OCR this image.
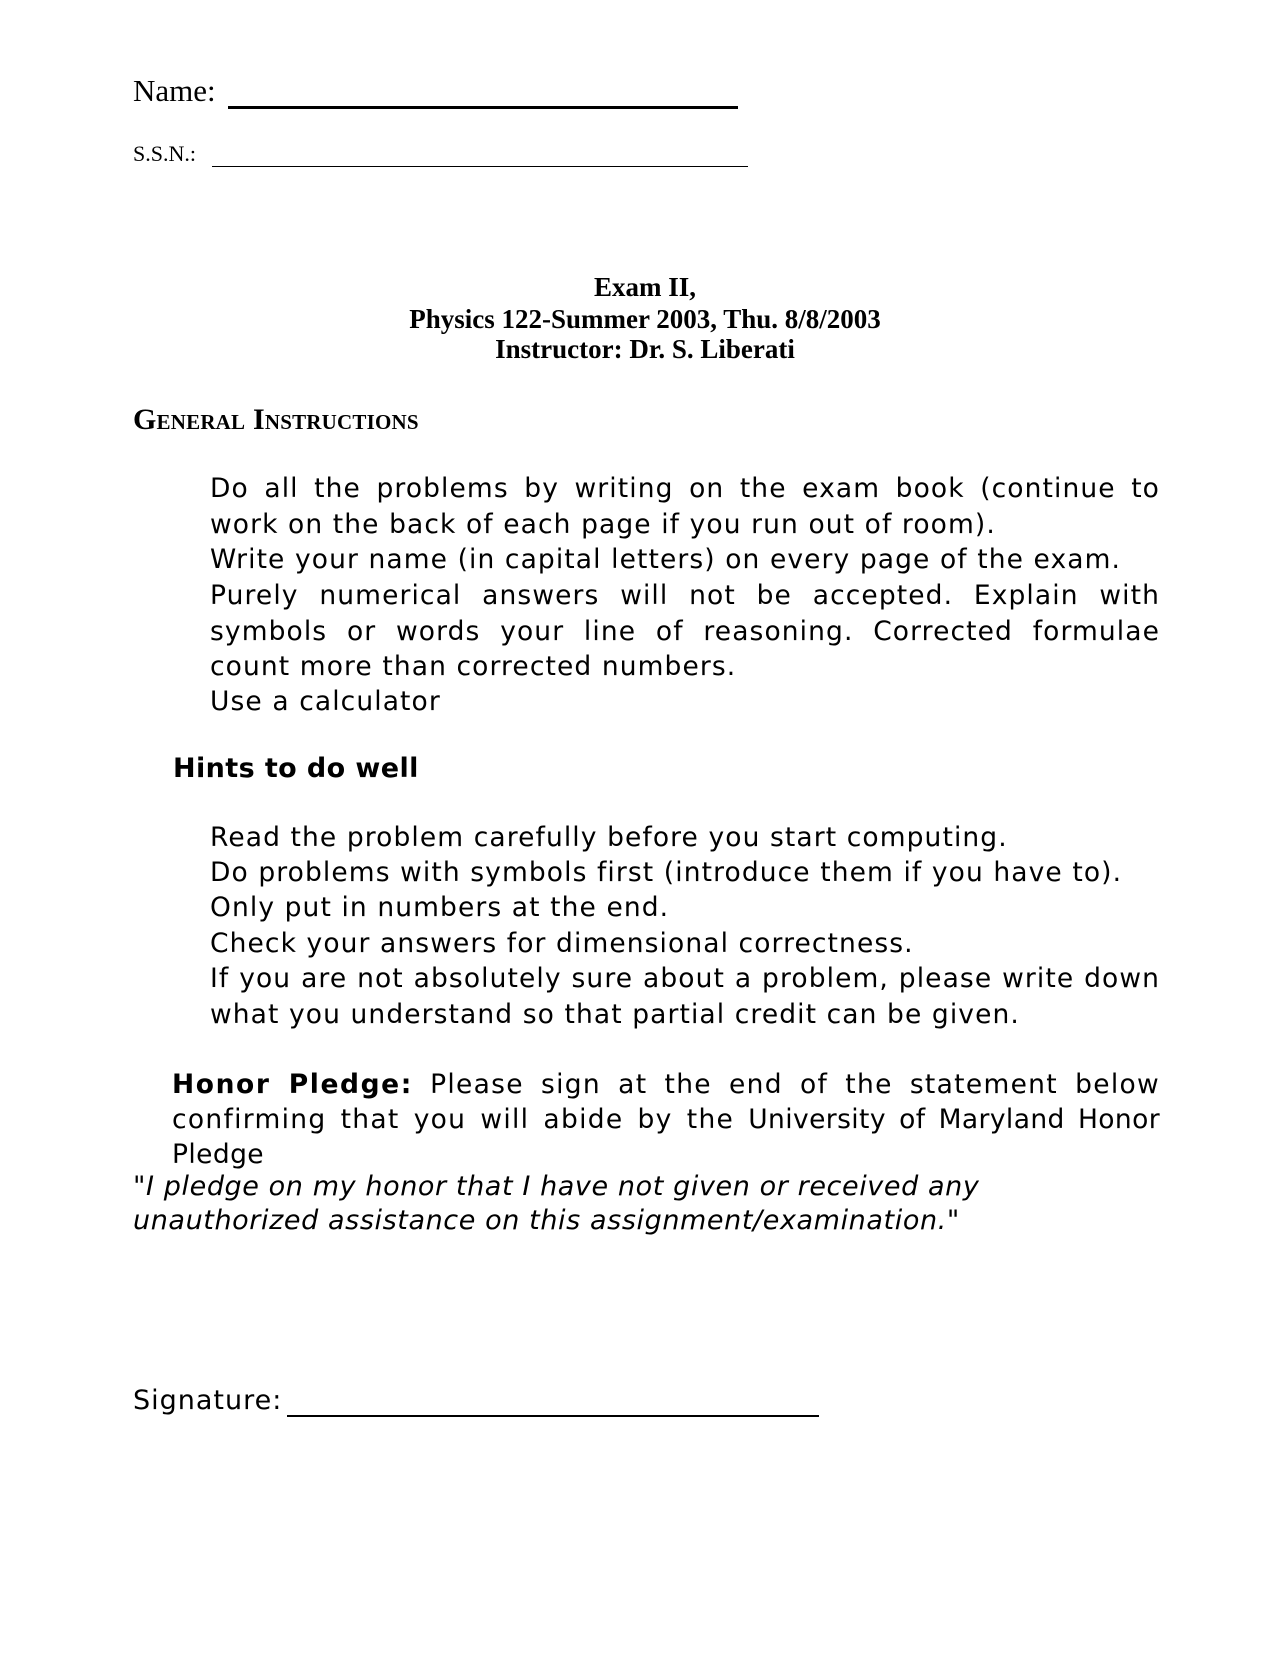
Name:
S.S.N.:
Exam II,
Physics 122-Summer 2003, Thu. 8/8/2003
Instructor: Dr. S. Liberati
General Instructions
Do all the problems by writing on the exam book (continue to work on the back of each page if you run out of room).
Write your name (in capital letters) on every page of the exam.
Purely numerical answers will not be accepted. Explain with symbols or words your line of reasoning. Corrected formulae count more than corrected numbers.
Use a calculator
Hints to do well
Read the problem carefully before you start computing.
Do problems with symbols first (introduce them if you have to).
Only put in numbers at the end.
Check your answers for dimensional correctness.
If you are not absolutely sure about a problem, please write down what you understand so that partial credit can be given.
Honor Pledge: Please sign at the end of the statement below confirming that you will abide by the University of Maryland Honor Pledge
"I pledge on my honor that I have not given or received any unauthorized assistance on this assignment/examination."
Signature:
